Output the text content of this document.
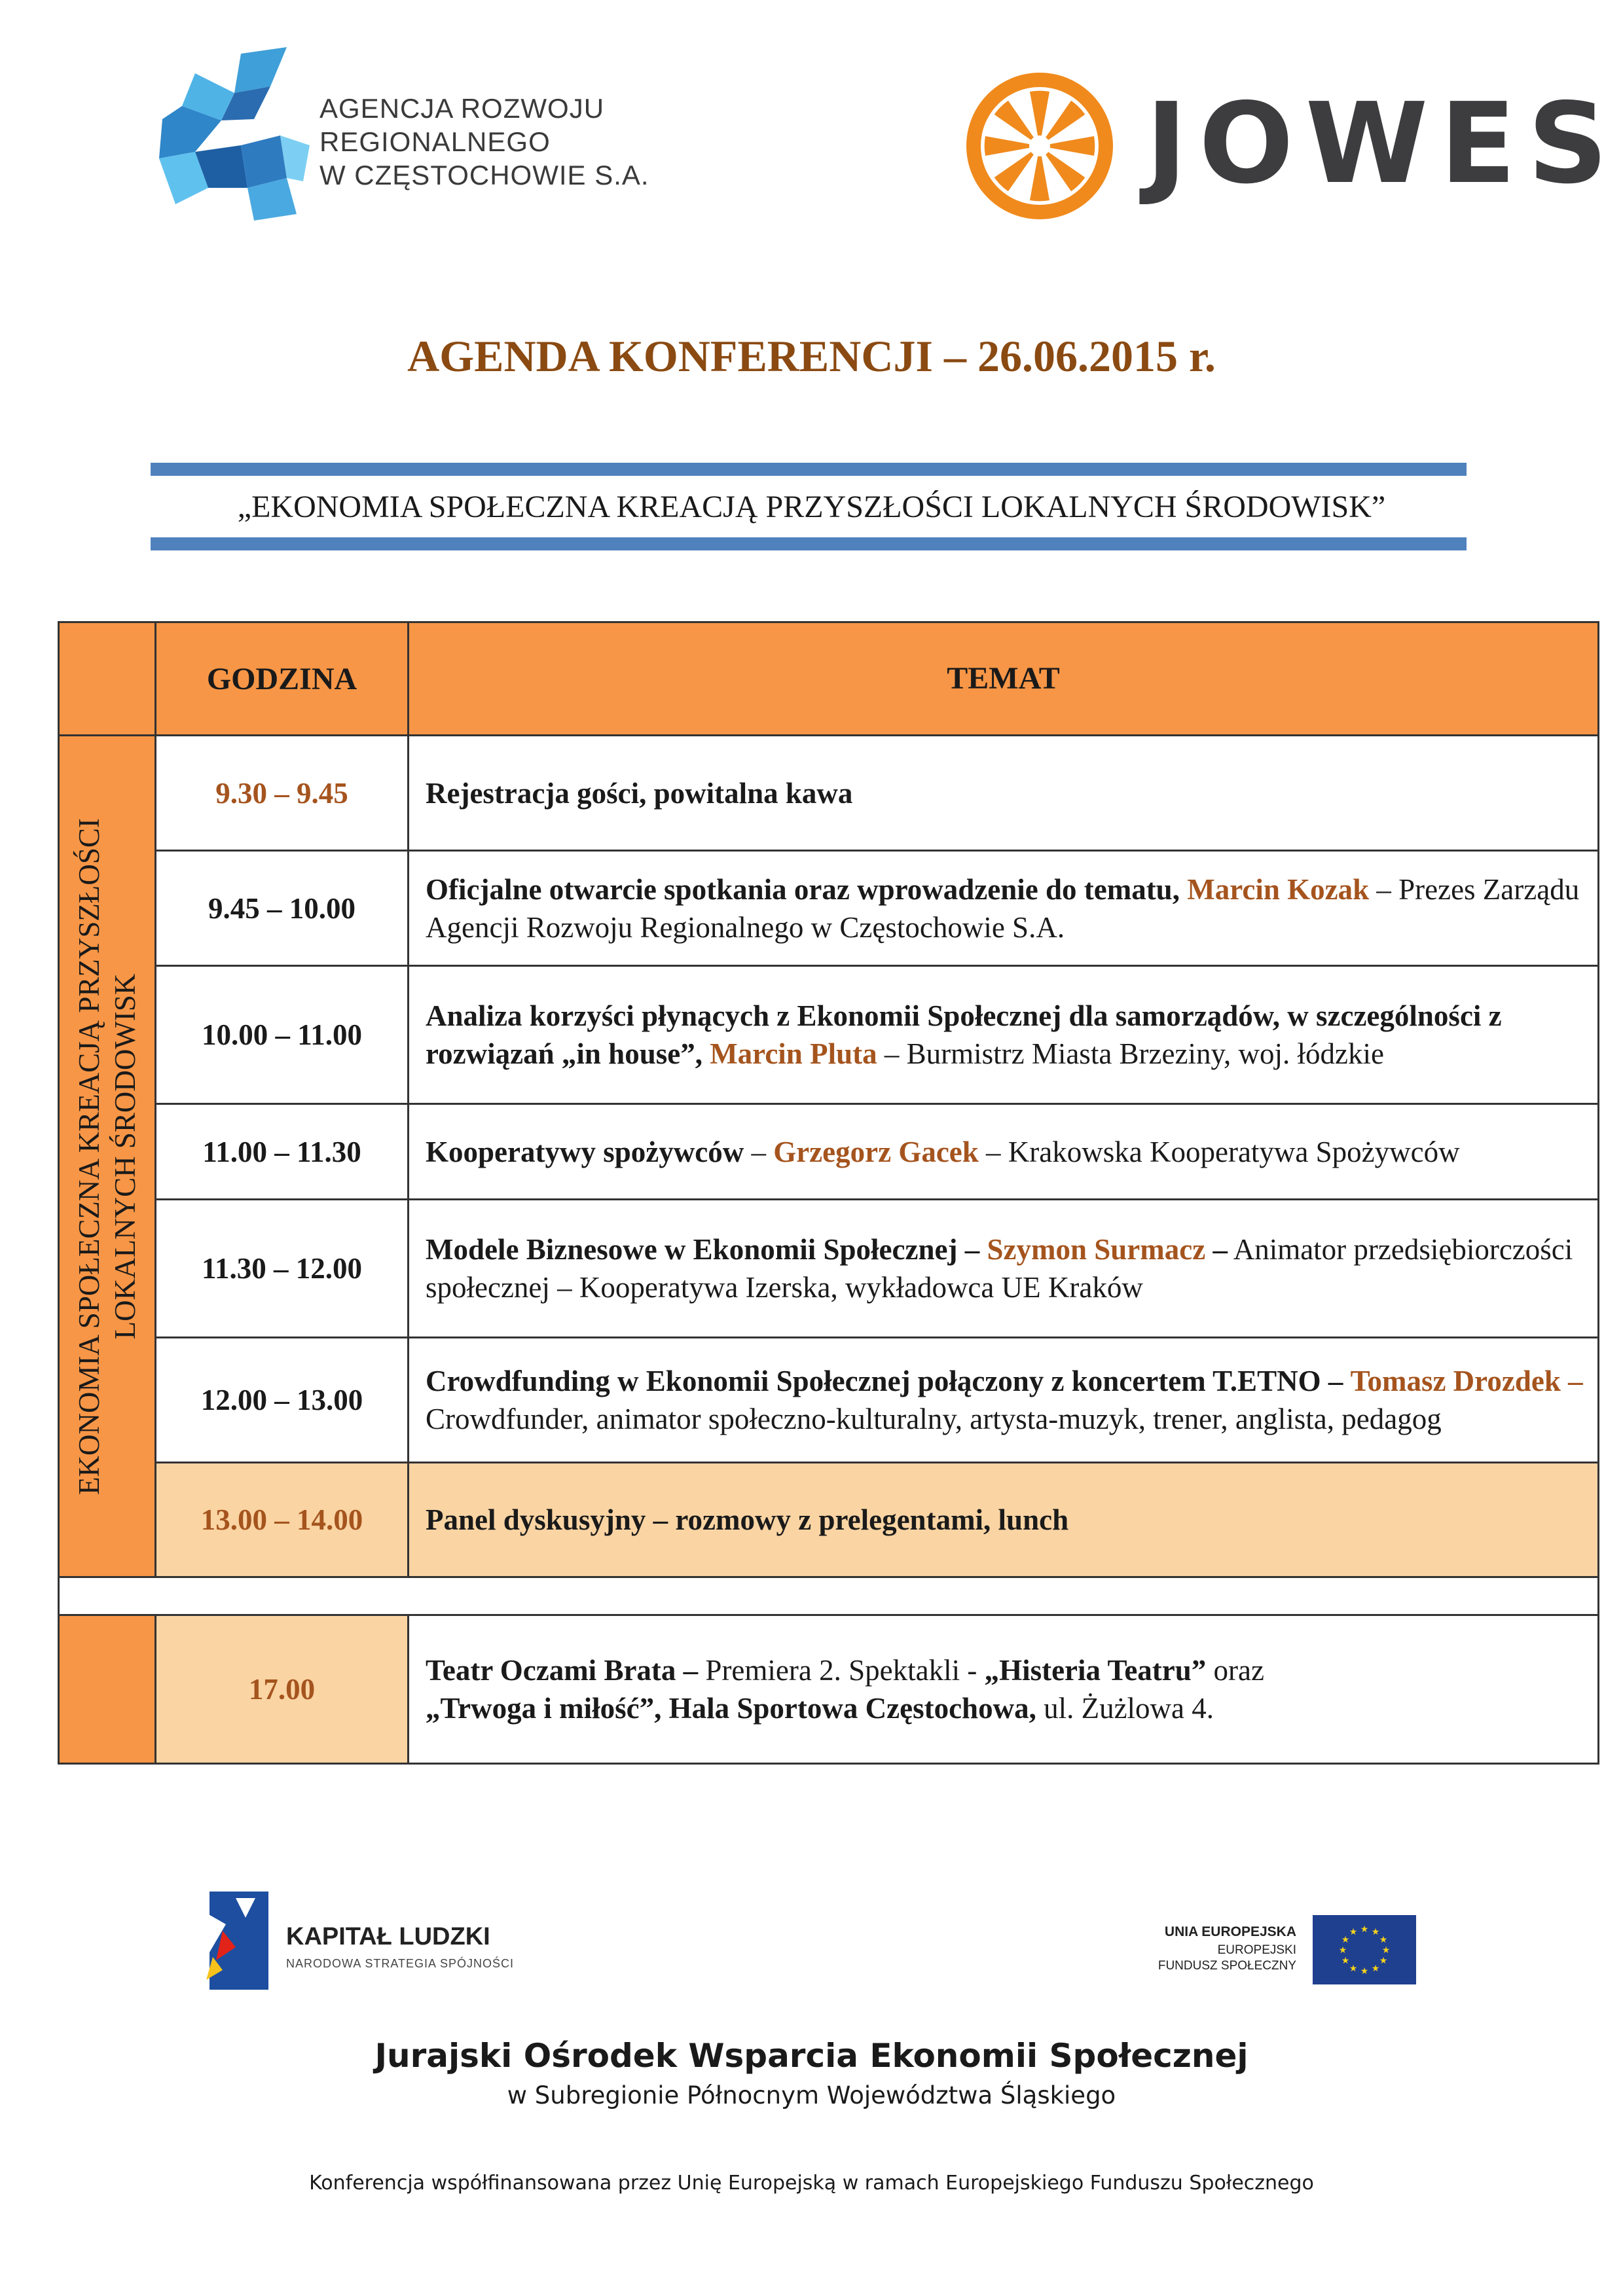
AGENCJA ROZWOJU
REGIONALNEGO
W CZĘSTOCHOWIE S.A.	JOWES
AGENDA KONFERENCJI – 26.06.2015 r.
„EKONOMIA SPOŁECZNA KREACJĄ PRZYSZŁOŚCI LOKALNYCH ŚRODOWISK”
	GODZINA	TEMAT

EKONOMIA SPOŁECZNA KREACJĄ PRZYSZŁOŚCI LOKALNYCH ŚRODOWISK	9.30 – 9.45	Rejestracja gości, powitalna kawa
	9.45 – 10.00	Oficjalne otwarcie spotkania oraz wprowadzenie do tematu, Marcin Kozak – Prezes Zarządu Agencji Rozwoju Regionalnego w Częstochowie S.A.
	10.00 – 11.00	Analiza korzyści płynących z Ekonomii Społecznej dla samorządów, w szczególności z rozwiązań „in house”, Marcin Pluta – Burmistrz Miasta Brzeziny, woj. łódzkie
	11.00 – 11.30	Kooperatywy spożywców – Grzegorz Gacek – Krakowska Kooperatywa Spożywców
	11.30 – 12.00	Modele Biznesowe w Ekonomii Społecznej – Szymon Surmacz – Animator przedsiębiorczości społecznej – Kooperatywa Izerska, wykładowca UE Kraków
	12.00 – 13.00	Crowdfunding w Ekonomii Społecznej połączony z koncertem T.ETNO – Tomasz Drozdek – Crowdfunder, animator społeczno-kulturalny, artysta-muzyk, trener, anglista, pedagog
	13.00 – 14.00	Panel dyskusyjny – rozmowy z prelegentami, lunch

	17.00	Teatr Oczami Brata – Premiera 2. Spektakli - „Histeria Teatru” oraz
„Trwoga i miłość”, Hala Sportowa Częstochowa, ul. Żużlowa 4.
KAPITAŁ LUDZKI
NARODOWA STRATEGIA SPÓJNOŚCI
UNIA EUROPEJSKA
EUROPEJSKI
FUNDUSZ SPOŁECZNY
★ ★
★
★
★
★
★
★
★
★
★
★
Jurajski Ośrodek Wsparcia Ekonomii Społecznej
w Subregionie Północnym Województwa Śląskiego
Konferencja współfinansowana przez Unię Europejską w ramach Europejskiego Funduszu Społecznego
